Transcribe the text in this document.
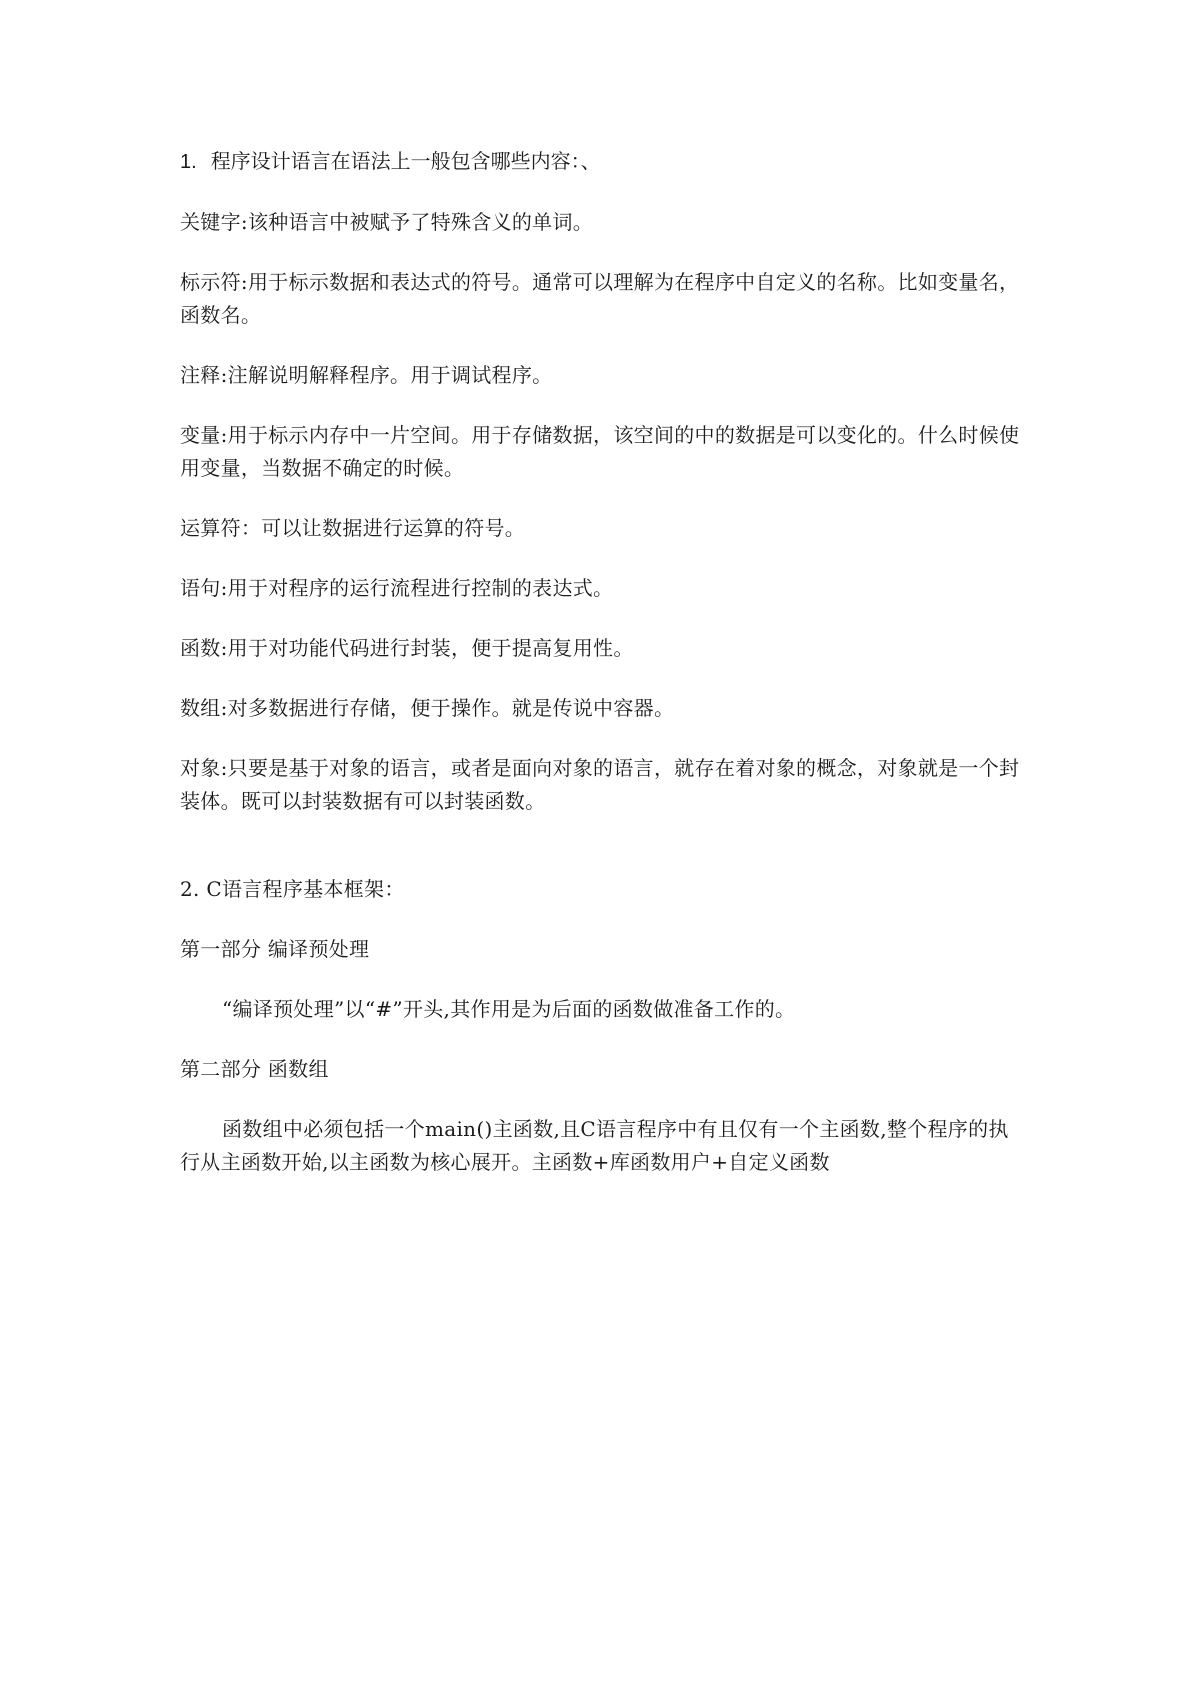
1. 程序设计语言在语法上一般包含哪些内容：、

关键字:该种语言中被赋予了特殊含义的单词。

标示符:用于标示数据和表达式的符号。通常可以理解为在程序中自定义的名称。比如变量名，函数名。

注释:注解说明解释程序。用于调试程序。

变量:用于标示内存中一片空间。用于存储数据，该空间的中的数据是可以变化的。什么时候使用变量，当数据不确定的时候。

运算符：可以让数据进行运算的符号。

语句:用于对程序的运行流程进行控制的表达式。

函数:用于对功能代码进行封装，便于提高复用性。

数组:对多数据进行存储，便于操作。就是传说中容器。

对象:只要是基于对象的语言，或者是面向对象的语言，就存在着对象的概念，对象就是一个封装体。既可以封装数据有可以封装函数。

2. C语言程序基本框架：

第一部分 编译预处理

“编译预处理”以“#”开头,其作用是为后面的函数做准备工作的。

第二部分 函数组

函数组中必须包括一个main()主函数,且C语言程序中有且仅有一个主函数,整个程序的执行从主函数开始,以主函数为核心展开。主函数+库函数用户+自定义函数
